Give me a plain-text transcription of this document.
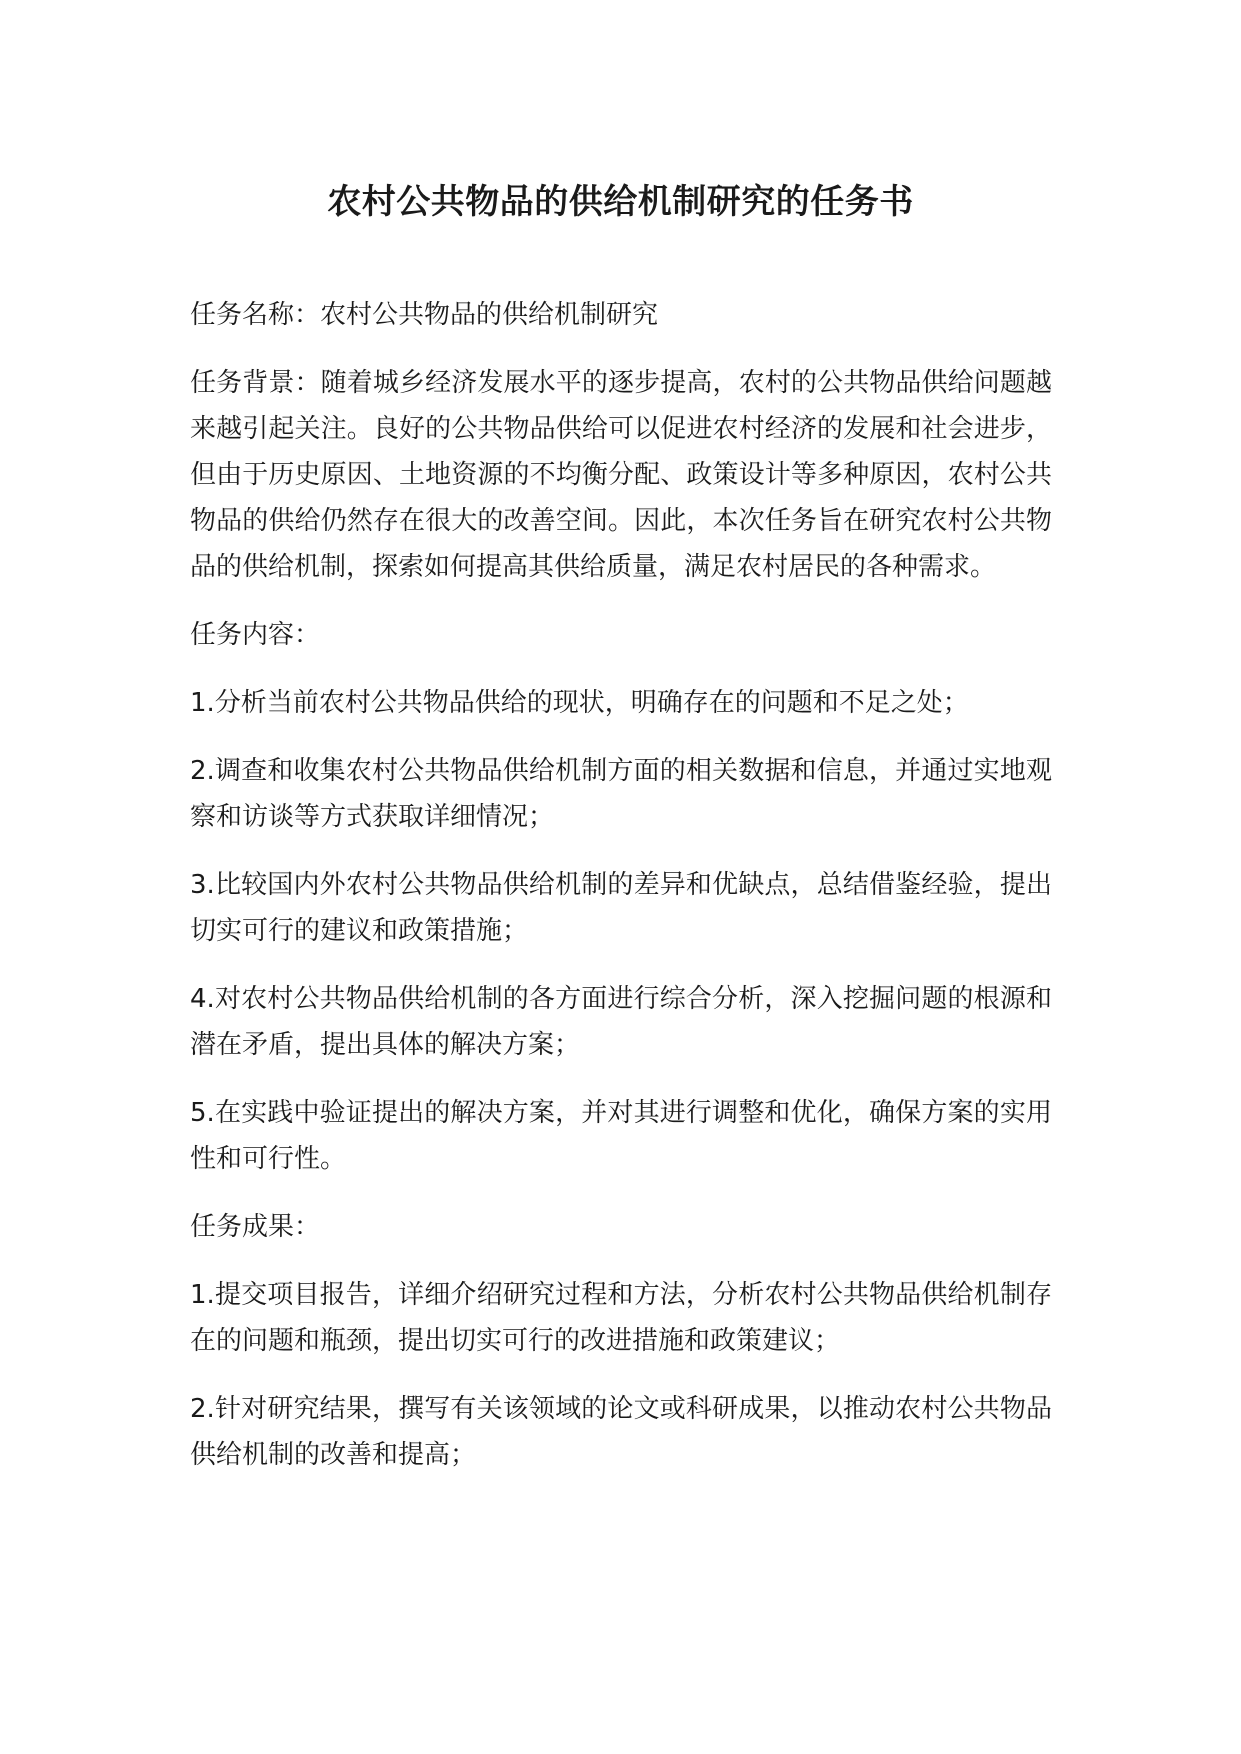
农村公共物品的供给机制研究的任务书

任务名称：农村公共物品的供给机制研究

任务背景：随着城乡经济发展水平的逐步提高，农村的公共物品供给问题越来越引起关注。良好的公共物品供给可以促进农村经济的发展和社会进步，但由于历史原因、土地资源的不均衡分配、政策设计等多种原因，农村公共物品的供给仍然存在很大的改善空间。因此，本次任务旨在研究农村公共物品的供给机制，探索如何提高其供给质量，满足农村居民的各种需求。

任务内容：

1.分析当前农村公共物品供给的现状，明确存在的问题和不足之处；

2.调查和收集农村公共物品供给机制方面的相关数据和信息，并通过实地观察和访谈等方式获取详细情况；

3.比较国内外农村公共物品供给机制的差异和优缺点，总结借鉴经验，提出切实可行的建议和政策措施；

4.对农村公共物品供给机制的各方面进行综合分析，深入挖掘问题的根源和潜在矛盾，提出具体的解决方案；

5.在实践中验证提出的解决方案，并对其进行调整和优化，确保方案的实用性和可行性。

任务成果：

1.提交项目报告，详细介绍研究过程和方法，分析农村公共物品供给机制存在的问题和瓶颈，提出切实可行的改进措施和政策建议；

2.针对研究结果，撰写有关该领域的论文或科研成果，以推动农村公共物品供给机制的改善和提高；
